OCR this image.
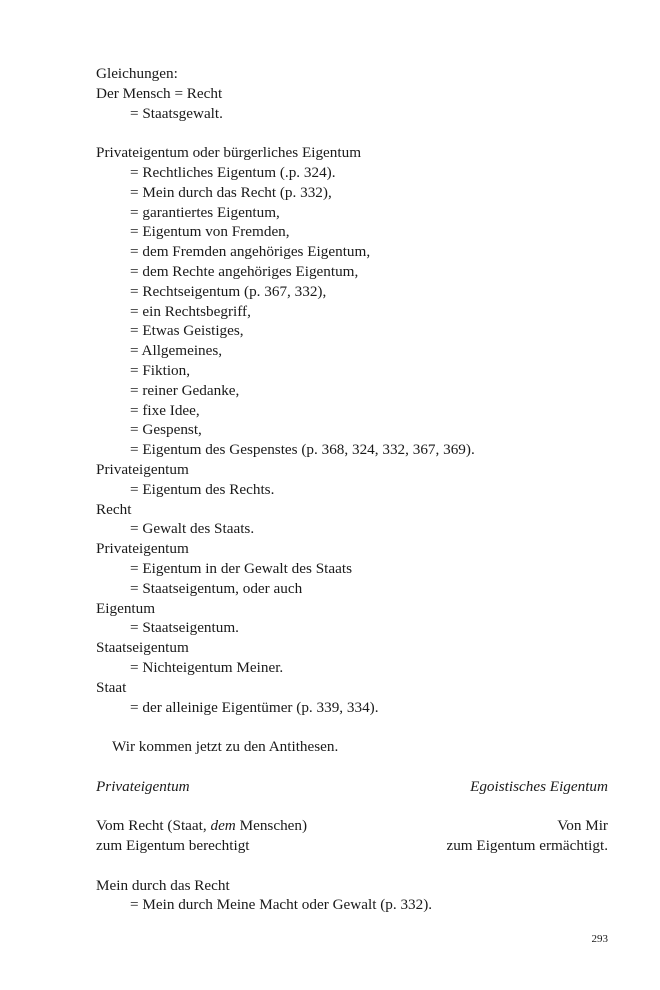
Gleichungen:
Der Mensch = Recht
= Staatsgewalt.
Privateigentum oder bürgerliches Eigentum
= Rechtliches Eigentum (.p. 324).
= Mein durch das Recht (p. 332),
= garantiertes Eigentum,
= Eigentum von Fremden,
= dem Fremden angehöriges Eigentum,
= dem Rechte angehöriges Eigentum,
= Rechtseigentum (p. 367, 332),
= ein Rechtsbegriff,
= Etwas Geistiges,
= Allgemeines,
= Fiktion,
= reiner Gedanke,
= fixe Idee,
= Gespenst,
= Eigentum des Gespenstes (p. 368, 324, 332, 367, 369).
Privateigentum
= Eigentum des Rechts.
Recht
= Gewalt des Staats.
Privateigentum
= Eigentum in der Gewalt des Staats
= Staatseigentum, oder auch
Eigentum
= Staatseigentum.
Staatseigentum
= Nichteigentum Meiner.
Staat
= der alleinige Eigentümer (p. 339, 334).
Wir kommen jetzt zu den Antithesen.
Privateigentum	Egoistisches Eigentum
Vom Recht (Staat, dem Menschen)	Von Mir
zum Eigentum berechtigt	zum Eigentum ermächtigt.
Mein durch das Recht
= Mein durch Meine Macht oder Gewalt (p. 332).
293
